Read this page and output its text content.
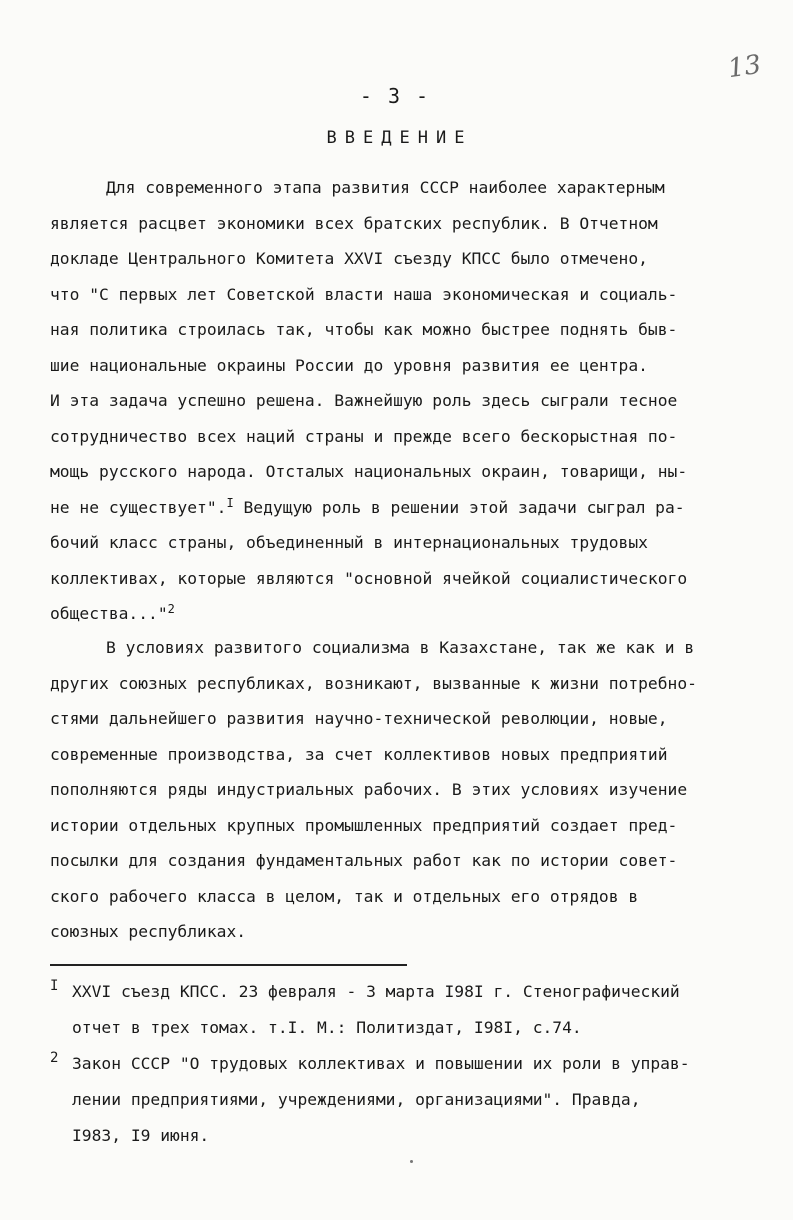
13
- 3 -
ВВЕДЕНИЕ
Для современного этапа развития СССР наиболее характерным
является расцвет экономики всех братских республик. В Отчетном
докладе Центрального Комитета XXVI съезду КПСС было отмечено,
что "С первых лет Советской власти наша экономическая и социаль-
ная политика строилась так, чтобы как можно быстрее поднять быв-
шие национальные окраины России до уровня развития ее центра.
И эта задача успешно решена. Важнейшую роль здесь сыграли тесное
сотрудничество всех наций страны и прежде всего бескорыстная по-
мощь русского народа. Отсталых национальных окраин, товарищи, ны-
не не существует".$^I$ Ведущую роль в решении этой задачи сыграл ра-
бочий класс страны, объединенный в интернациональных трудовых
коллективах, которые являются "основной ячейкой социалистического
общества..."$^2$
В условиях развитого социализма в Казахстане, так же как и в
других союзных республиках, возникают, вызванные к жизни потребно-
стями дальнейшего развития научно-технической революции, новые,
современные производства, за счет коллективов новых предприятий
пополняются ряды индустриальных рабочих. В этих условиях изучение
истории отдельных крупных промышленных предприятий создает пред-
посылки для создания фундаментальных работ как по истории совет-
ского рабочего класса в целом, так и отдельных его отрядов в
союзных республиках.
I XXVI съезд КПСС. 23 февраля - 3 марта I98I г. Стенографический
отчет в трех томах. т.I. М.: Политиздат, I98I, с.74.
2 Закон СССР "О трудовых коллективах и повышении их роли в управ-
лении предприятиями, учреждениями, организациями". Правда,
I983, I9 июня.
